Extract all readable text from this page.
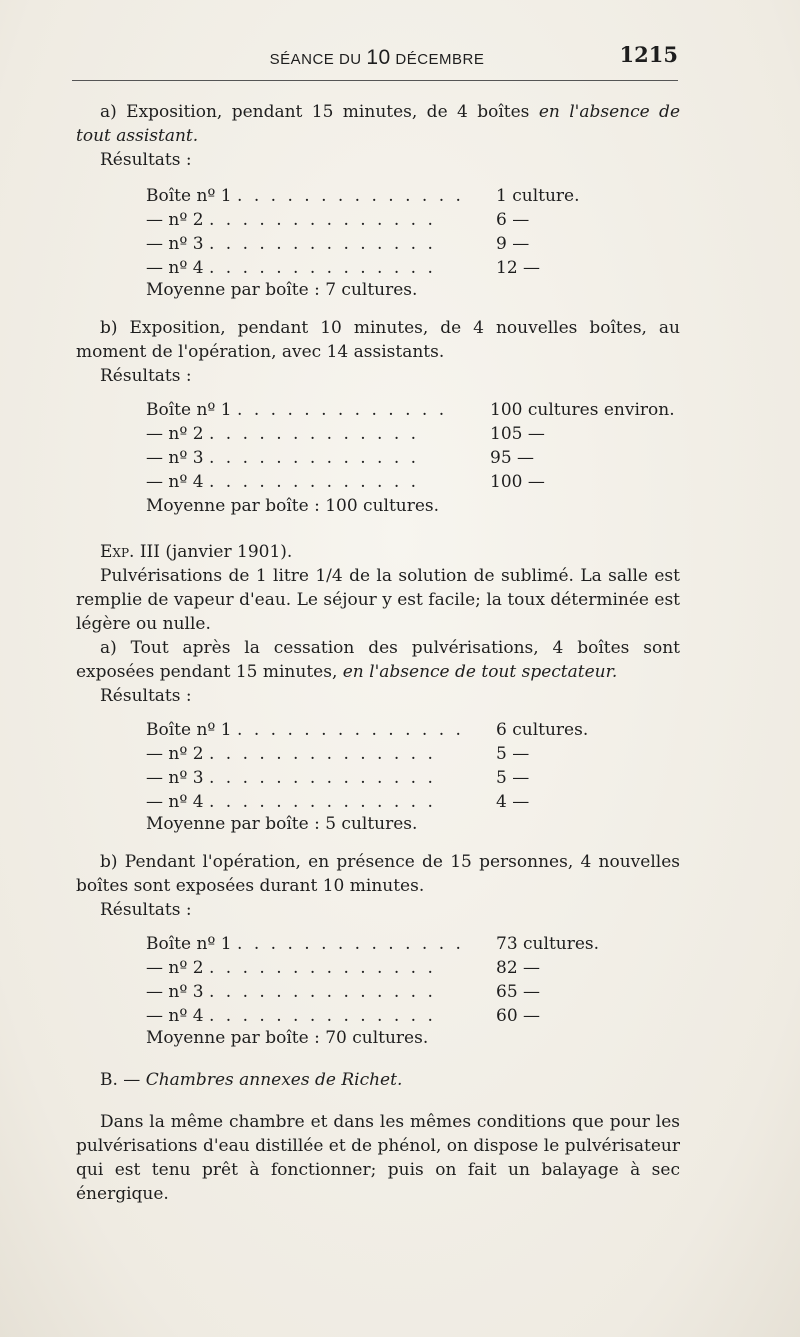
SÉANCE DU 10 DÉCEMBRE	1215
a) Exposition, pendant 15 minutes, de 4 boîtes en l'absence de tout assistant.
Résultats :
Boîte nº 1 . . . . . . . . . . . . . . 1 culture.
— nº 2 . . . . . . . . . . . . . .	6 —
— nº 3 . . . . . . . . . . . . . .	9 —
— nº 4 . . . . . . . . . . . . . .	12 —
Moyenne par boîte : 7 cultures.
b) Exposition, pendant 10 minutes, de 4 nouvelles boîtes, au moment de l'opération, avec 14 assistants.
Résultats :
Boîte nº 1 . . . . . . . . . . . . .	100 cultures environ.
— nº 2 . . . . . . . . . . . . .	105 —
— nº 3 . . . . . . . . . . . . .	95 —
— nº 4 . . . . . . . . . . . . .	100 —
Moyenne par boîte : 100 cultures.
Exp. III (janvier 1901).
Pulvérisations de 1 litre 1/4 de la solution de sublimé. La salle est remplie de vapeur d'eau. Le séjour y est facile; la toux déterminée est légère ou nulle.
a) Tout après la cessation des pulvérisations, 4 boîtes sont exposées pendant 15 minutes, en l'absence de tout spectateur.
Résultats :
Boîte nº 1 . . . . . . . . . . . . . . 6 cultures.
— nº 2 . . . . . . . . . . . . . .	5 —
— nº 3 . . . . . . . . . . . . . .	5 —
— nº 4 . . . . . . . . . . . . . .	4 —
Moyenne par boîte : 5 cultures.
b) Pendant l'opération, en présence de 15 personnes, 4 nouvelles boîtes sont exposées durant 10 minutes.
Résultats :
Boîte nº 1 . . . . . . . . . . . . . . 73 cultures.
— nº 2 . . . . . . . . . . . . . .	82 —
— nº 3 . . . . . . . . . . . . . .	65 —
— nº 4 . . . . . . . . . . . . . .	60 —
Moyenne par boîte : 70 cultures.
B. — Chambres annexes de Richet.
Dans la même chambre et dans les mêmes conditions que pour les pulvérisations d'eau distillée et de phénol, on dispose le pulvérisateur qui est tenu prêt à fonctionner; puis on fait un balayage à sec énergique.
